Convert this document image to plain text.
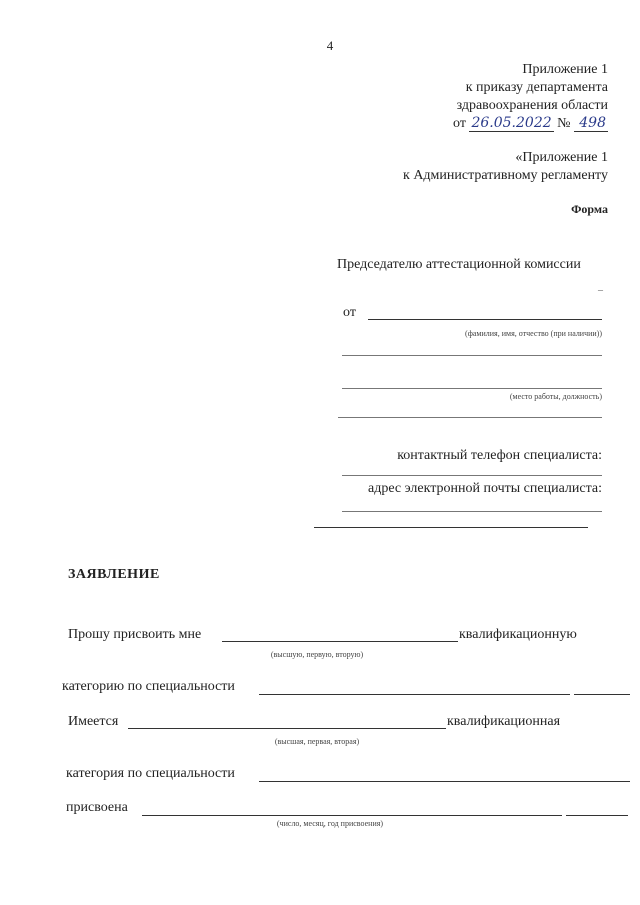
4
Приложение 1
к приказу департамента
здравоохранения области
от 26.05.2022 № 498
«Приложение 1
к Административному регламенту
Форма
Председателю аттестационной комиссии
–
от
(фамилия, имя, отчество (при наличии))
(место работы, должность)
контактный телефон специалиста:
адрес электронной почты специалиста:
ЗАЯВЛЕНИЕ
Прошу присвоить мне	квалификационную
(высшую, первую, вторую)
категорию по специальности
Имеется	квалификационная
(высшая, первая, вторая)
категория по специальности
присвоена
(число, месяц, год присвоения)
